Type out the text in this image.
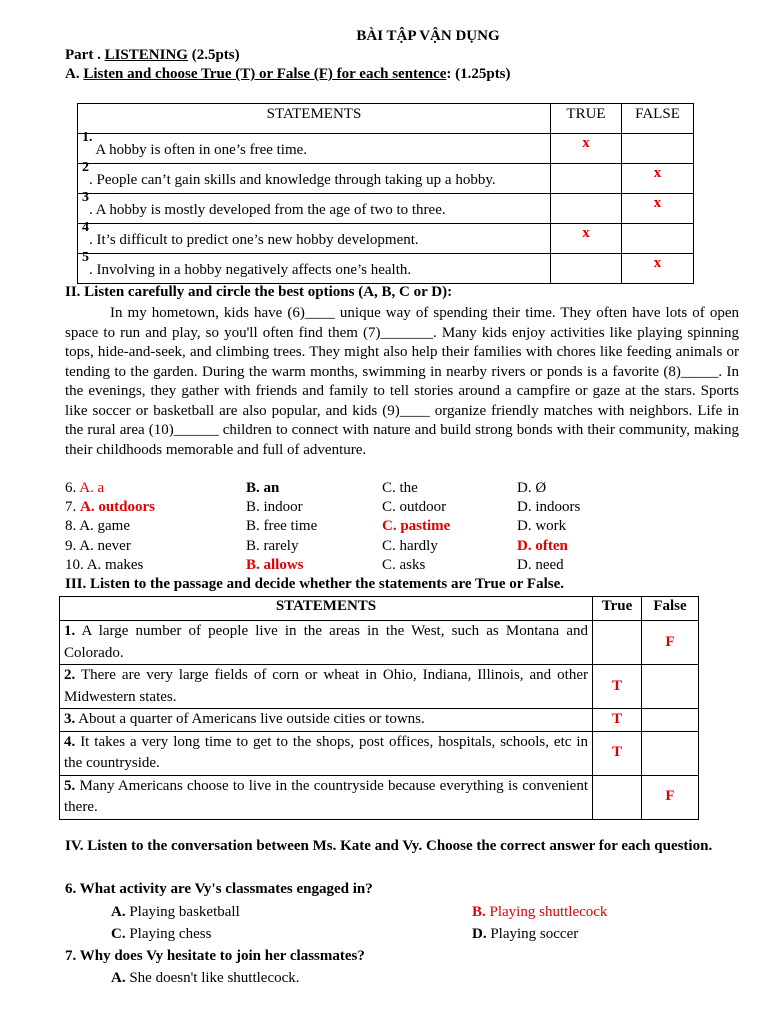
BÀI TẬP VẬN DỤNG
Part . LISTENING (2.5pts)
A. Listen and choose True (T) or False (F) for each sentence: (1.25pts)
STATEMENTS	TRUE	FALSE
1. A hobby is often in one’s free time.	x	
2. People can’t gain skills and knowledge through taking up a hobby.		x
3. A hobby is mostly developed from the age of two to three.		x
4. It’s difficult to predict one’s new hobby development.	x	
5. Involving in a hobby negatively affects one’s health.		x
II. Listen carefully and circle the best options (A, B, C or D):
In my hometown, kids have (6)____ unique way of spending their time. They often have lots of open space to run and play, so you'll often find them (7)_______. Many kids enjoy activities like playing spinning tops, hide-and-seek, and climbing trees. They might also help their families with chores like feeding animals or tending to the garden. During the warm months, swimming in nearby rivers or ponds is a favorite (8)_____. In the evenings, they gather with friends and family to tell stories around a campfire or gaze at the stars. Sports like soccer or basketball are also popular, and kids (9)____ organize friendly matches with neighbors. Life in the rural area (10)______ children to connect with nature and build strong bonds with their community, making their childhoods memorable and full of adventure.
6. A. a	B. an	C. the	D. Ø
7. A. outdoors	B. indoor	C. outdoor	D. indoors
8. A. game	B. free time	C. pastime	D. work
9. A. never	B. rarely	C. hardly	D. often
10. A. makes	B. allows	C. asks	D. need
III. Listen to the passage and decide whether the statements are True or False.
STATEMENTS	True	False
1. A large number of people live in the areas in the West, such as Montana and Colorado.		F
2. There are very large fields of corn or wheat in Ohio, Indiana, Illinois, and other Midwestern states.	T	
3. About a quarter of Americans live outside cities or towns.	T	
4. It takes a very long time to get to the shops, post offices, hospitals, schools, etc in the countryside.	T	
5. Many Americans choose to live in the countryside because everything is convenient there.		F
IV. Listen to the conversation between Ms. Kate and Vy. Choose the correct answer for each question.
6. What activity are Vy's classmates engaged in?
A. Playing basketball	B. Playing shuttlecock
C. Playing chess	D. Playing soccer
7. Why does Vy hesitate to join her classmates?
A. She doesn't like shuttlecock.
